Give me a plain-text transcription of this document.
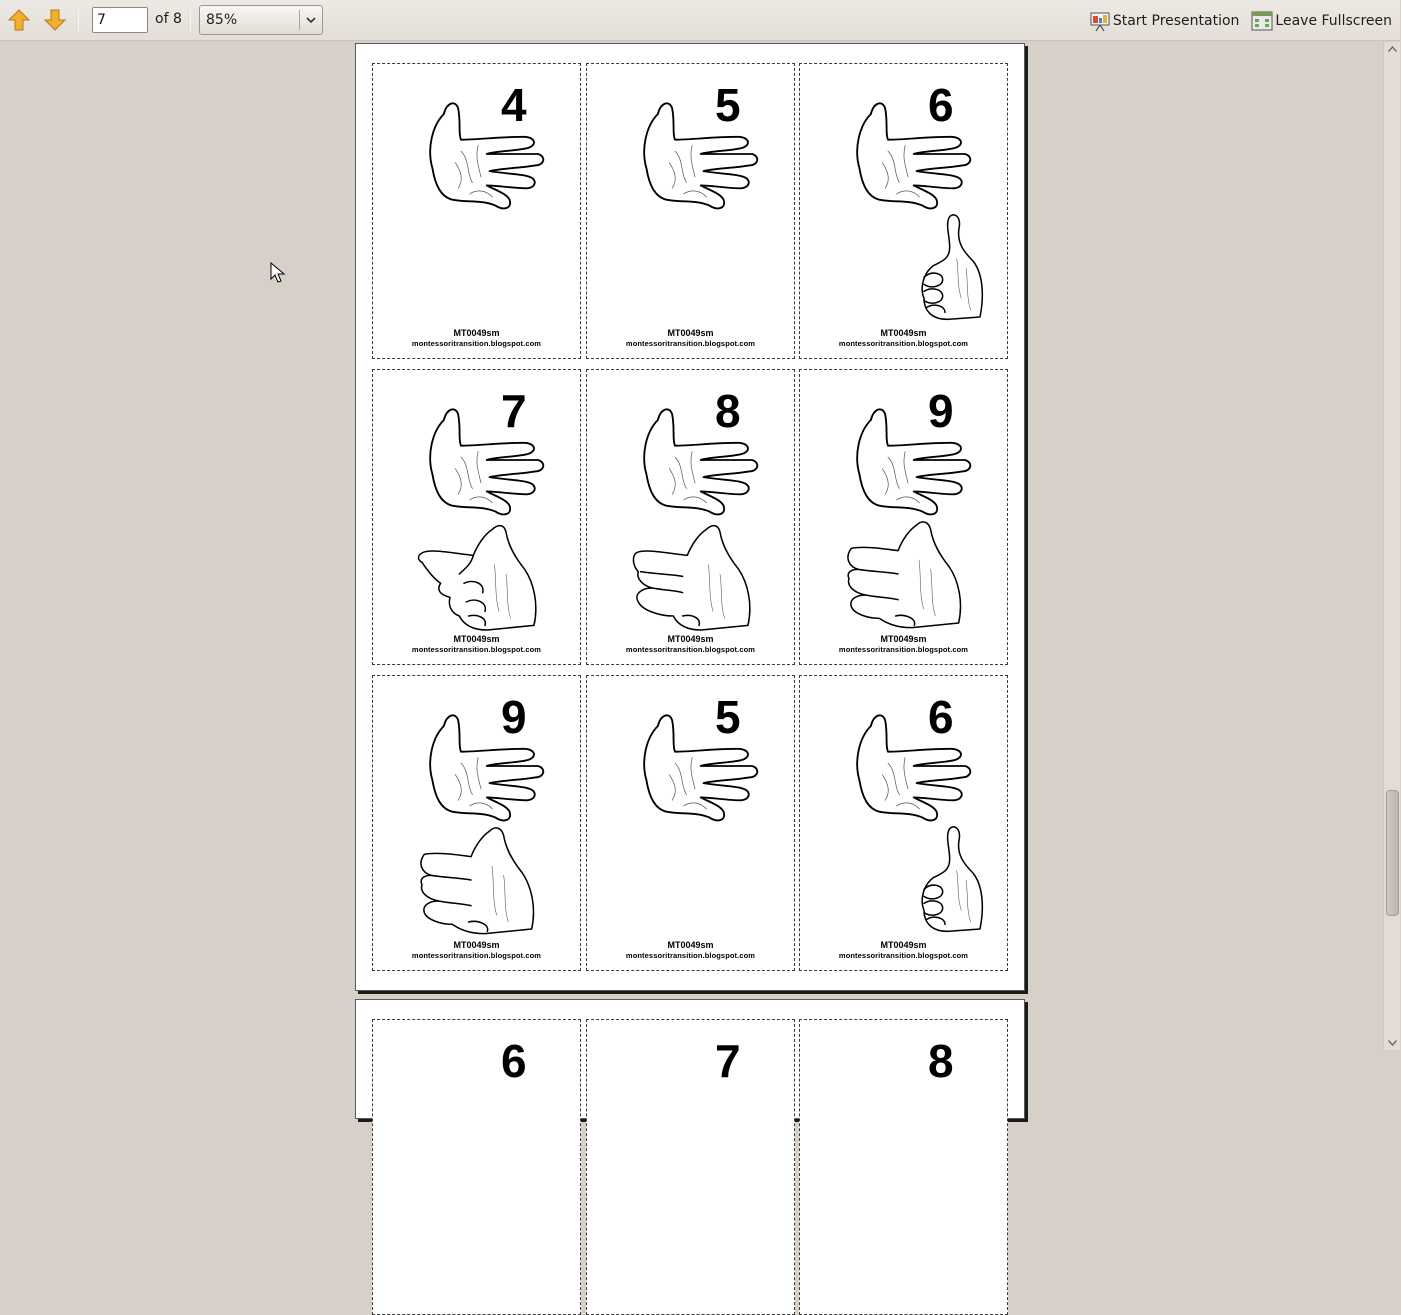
7
of 8	85%	Start Presentation	Leave Fullscreen
4
MT0049sm
montessoritransition.blogspot.com
5
MT0049sm
montessoritransition.blogspot.com
6
MT0049sm
montessoritransition.blogspot.com
7
MT0049sm
montessoritransition.blogspot.com
8
MT0049sm
montessoritransition.blogspot.com
9
MT0049sm
montessoritransition.blogspot.com
9
MT0049sm
montessoritransition.blogspot.com
5
MT0049sm
montessoritransition.blogspot.com
6
MT0049sm
montessoritransition.blogspot.com
6	7	8
